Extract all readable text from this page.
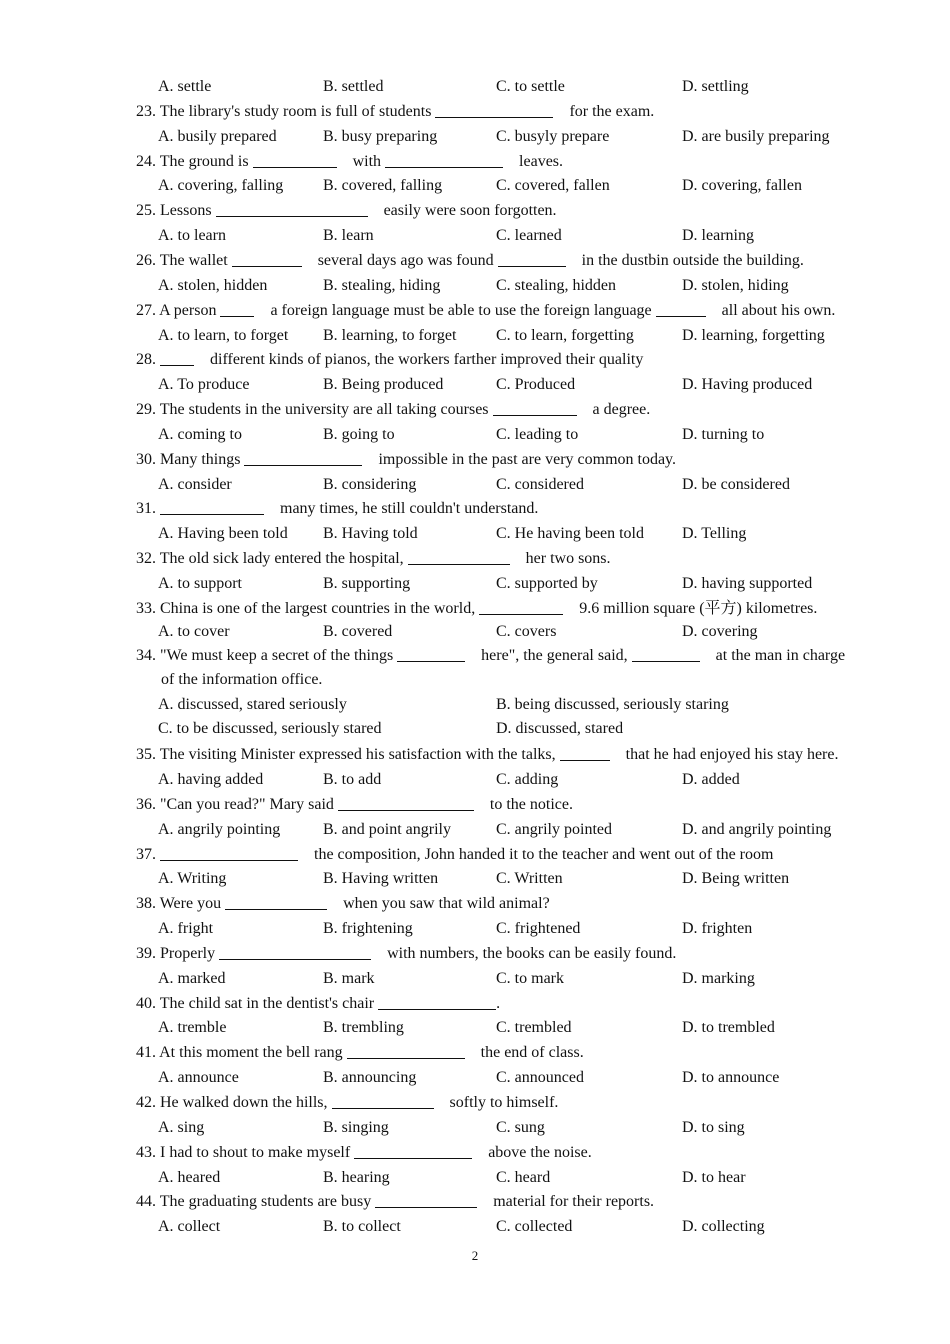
A. settle	B. settled	C. to settle	D. settling
23. The library's study room is full of students	for the exam.
A. busily prepared	B. busy preparing	C. busyly prepare	D. are busily preparing
24. The ground is	with	leaves.
A. covering, falling B. covered, falling	C. covered, fallen	D. covering, fallen
25. Lessons	easily were soon forgotten.
A. to learn	B. learn	C. learned	D. learning
26. The wallet	several days ago was found	in the dustbin outside the building.
A. stolen, hidden	B. stealing, hiding	C. stealing, hidden	D. stolen, hiding
27. A person	a foreign language must be able to use the foreign language	all about his own.
A. to learn, to forget B. learning, to forget C. to learn, forgetting	D. learning, forgetting
28.	different kinds of pianos, the workers farther improved their quality
A. To produce	B. Being produced	C. Produced	D. Having produced
29. The students in the university are all taking courses	a degree.
A. coming to	B. going to	C. leading to	D. turning to
30. Many things	impossible in the past are very common today.
A. consider	B. considering	C. considered	D. be considered
31.	many times, he still couldn't understand.
A. Having been told B. Having told	C. He having been told D. Telling
32. The old sick lady entered the hospital,	her two sons.
A. to support	B. supporting	C. supported by	D. having supported
33. China is one of the largest countries in the world,	9.6 million square (平方) kilometres.
A. to cover	B. covered	C. covers	D. covering
34. "We must keep a secret of the things	here", the general said,	at the man in charge
of the information office.
A. discussed, stared seriously	B. being discussed, seriously staring
C. to be discussed, seriously stared	D. discussed, stared
35. The visiting Minister expressed his satisfaction with the talks,	that he had enjoyed his stay here.
A. having added	B. to add	C. adding	D. added
36. "Can you read?" Mary said	to the notice.
A. angrily pointing	B. and point angrily	C. angrily pointed	D. and angrily pointing
37.	the composition, John handed it to the teacher and went out of the room
A. Writing	B. Having written	C. Written	D. Being written
38. Were you	when you saw that wild animal?
A. fright	B. frightening	C. frightened	D. frighten
39. Properly	with numbers, the books can be easily found.
A. marked	B. mark	C. to mark	D. marking
40. The child sat in the dentist's chair	.
A. tremble	B. trembling	C. trembled	D. to trembled
41. At this moment the bell rang	the end of class.
A. announce	B. announcing	C. announced	D. to announce
42. He walked down the hills,	softly to himself.
A. sing	B. singing	C. sung	D. to sing
43. I had to shout to make myself	above the noise.
A. heared	B. hearing	C. heard	D. to hear
44. The graduating students are busy	material for their reports.
A. collect	B. to collect	C. collected	D. collecting
2
